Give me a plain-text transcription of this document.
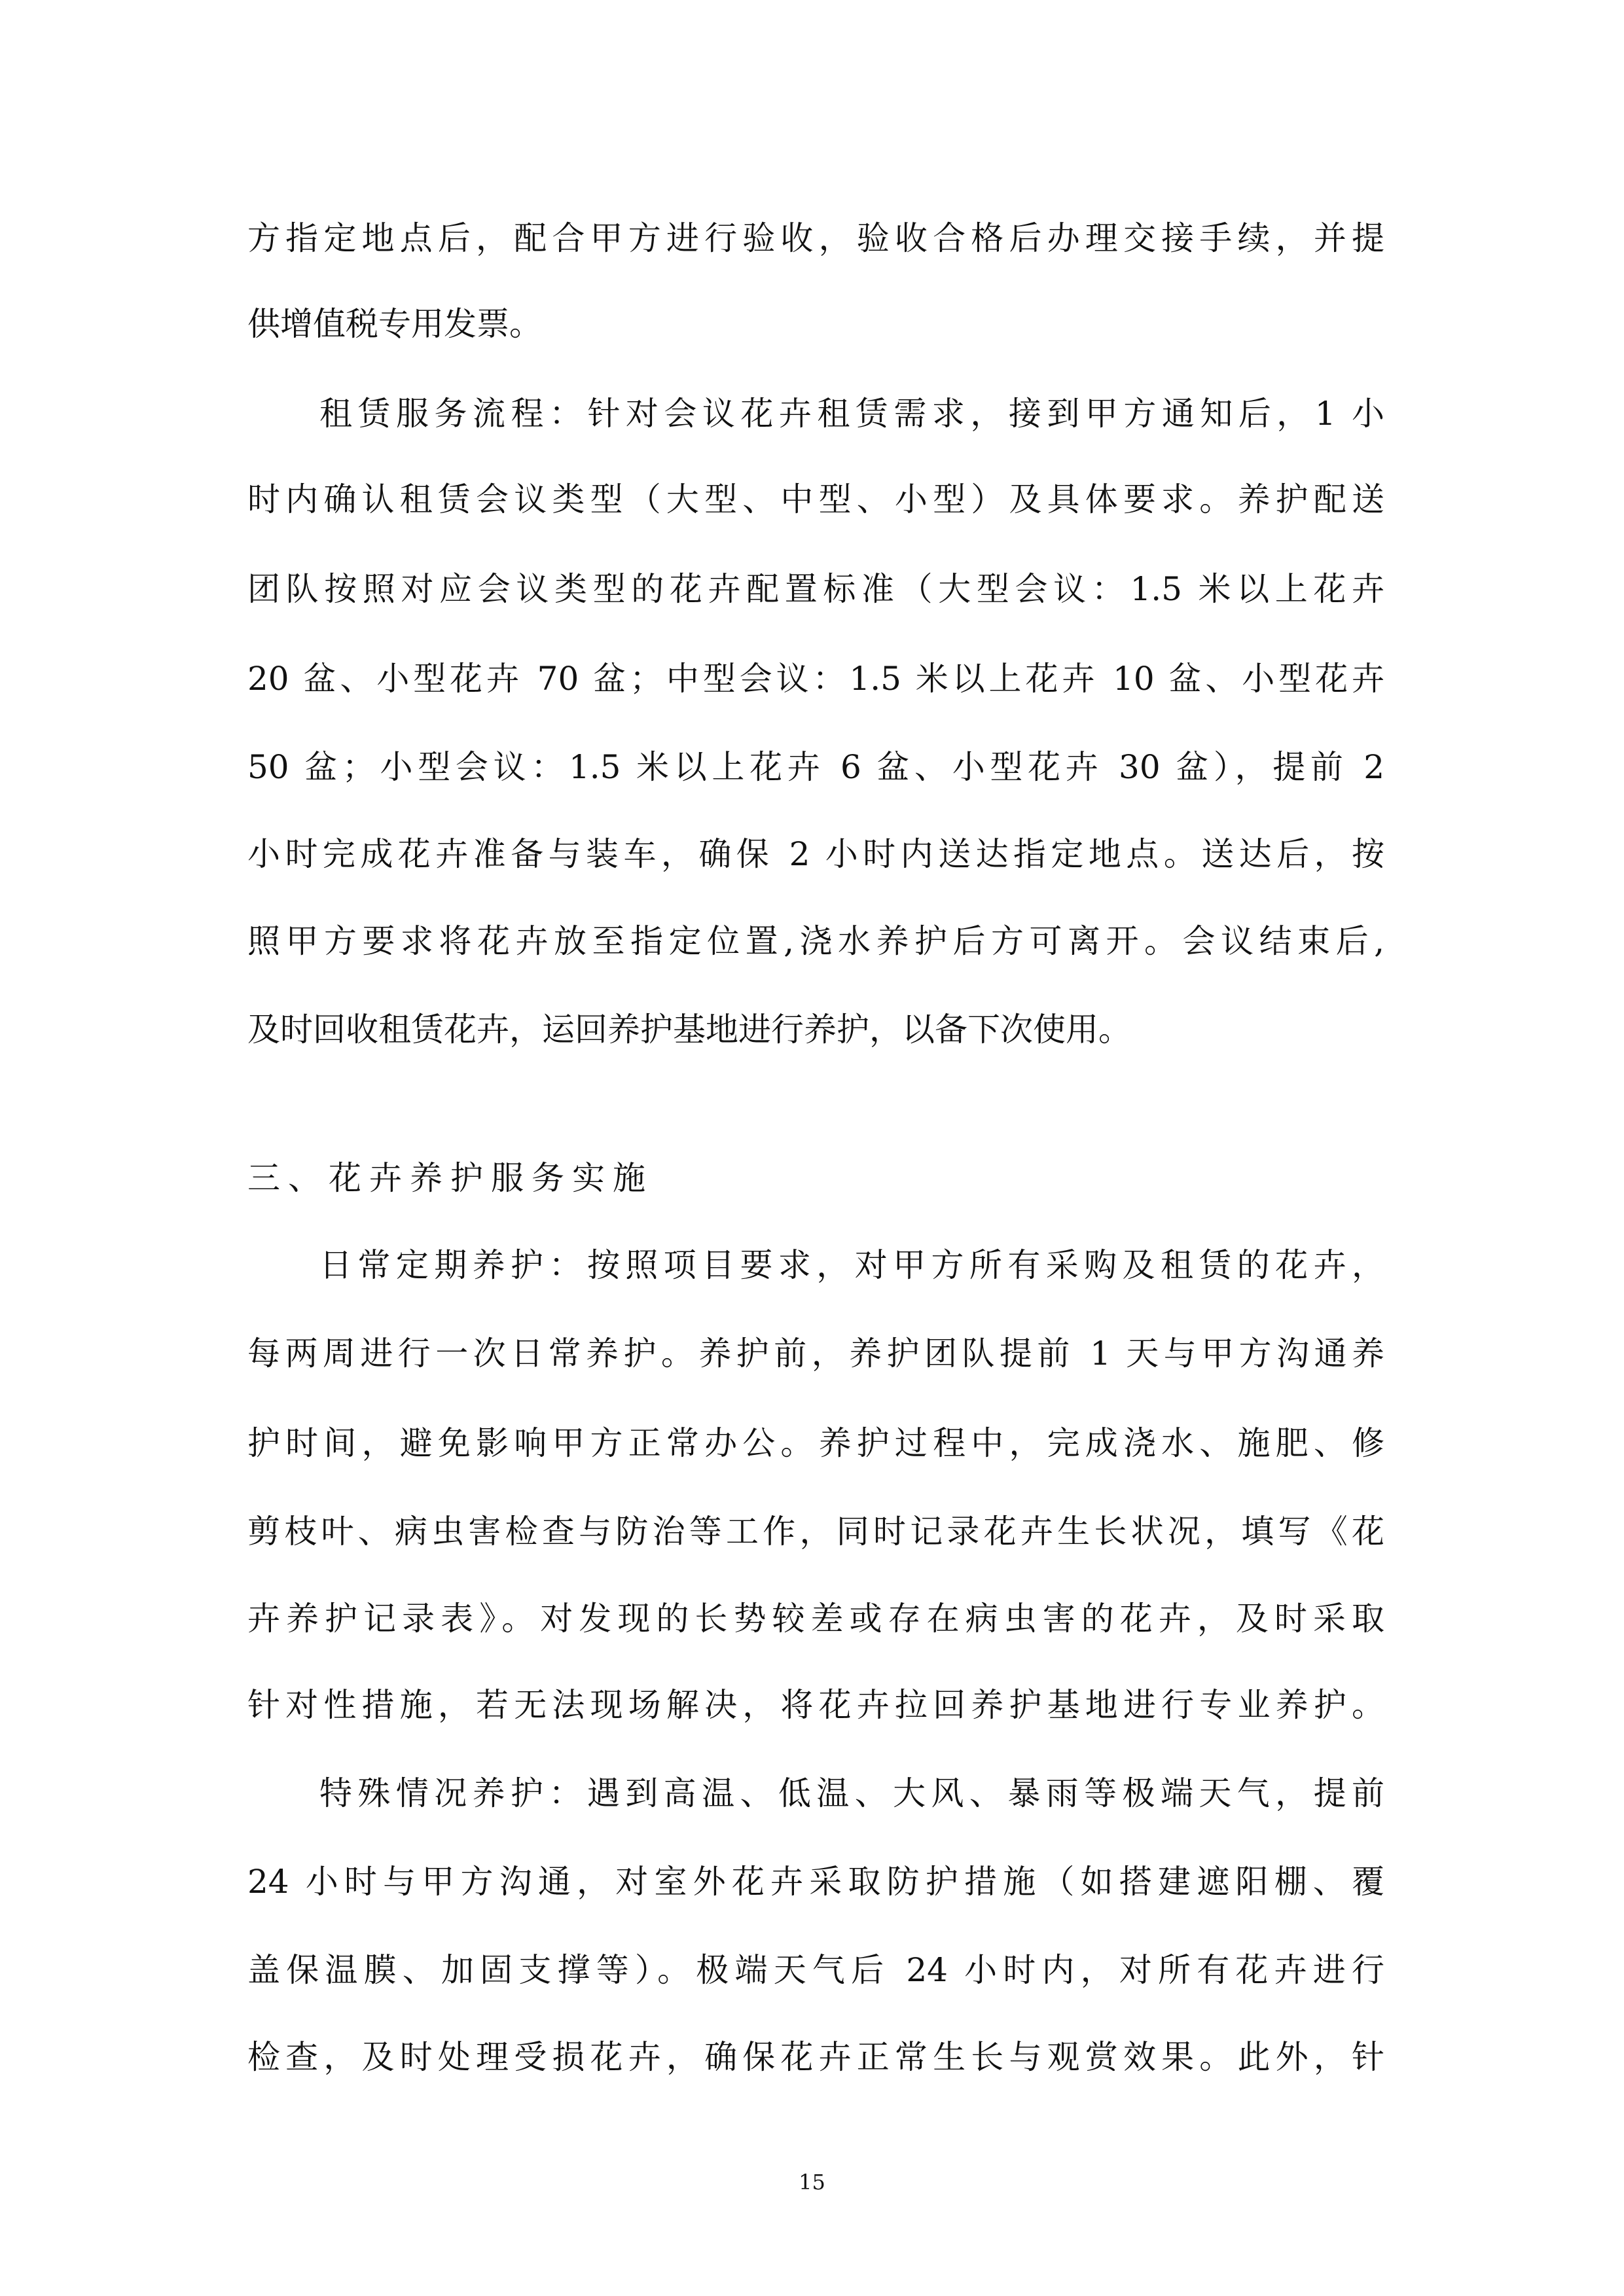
方指定地点后，配合甲方进行验收，验收合格后办理交接手续，并提
供增值税专用发票。
租赁服务流程：针对会议花卉租赁需求，接到甲方通知后，1 小
时内确认租赁会议类型（大型、中型、小型）及具体要求。养护配送
团队按照对应会议类型的花卉配置标准（大型会议：1.5 米以上花卉
20 盆、小型花卉 70 盆；中型会议：1.5 米以上花卉 10 盆、小型花卉
50 盆；小型会议：1.5 米以上花卉 6 盆、小型花卉 30 盆），提前 2
小时完成花卉准备与装车，确保 2 小时内送达指定地点。送达后，按
照甲方要求将花卉放至指定位置,浇水养护后方可离开。会议结束后,
及时回收租赁花卉，运回养护基地进行养护，以备下次使用。
三、花卉养护服务实施
日常定期养护：按照项目要求，对甲方所有采购及租赁的花卉，
每两周进行一次日常养护。养护前，养护团队提前 1 天与甲方沟通养
护时间，避免影响甲方正常办公。养护过程中，完成浇水、施肥、修
剪枝叶、病虫害检查与防治等工作，同时记录花卉生长状况，填写《花
卉养护记录表》。对发现的长势较差或存在病虫害的花卉，及时采取
针对性措施，若无法现场解决，将花卉拉回养护基地进行专业养护。
特殊情况养护：遇到高温、低温、大风、暴雨等极端天气，提前
24 小时与甲方沟通，对室外花卉采取防护措施（如搭建遮阳棚、覆
盖保温膜、加固支撑等）。极端天气后 24 小时内，对所有花卉进行
检查，及时处理受损花卉，确保花卉正常生长与观赏效果。此外，针
15
